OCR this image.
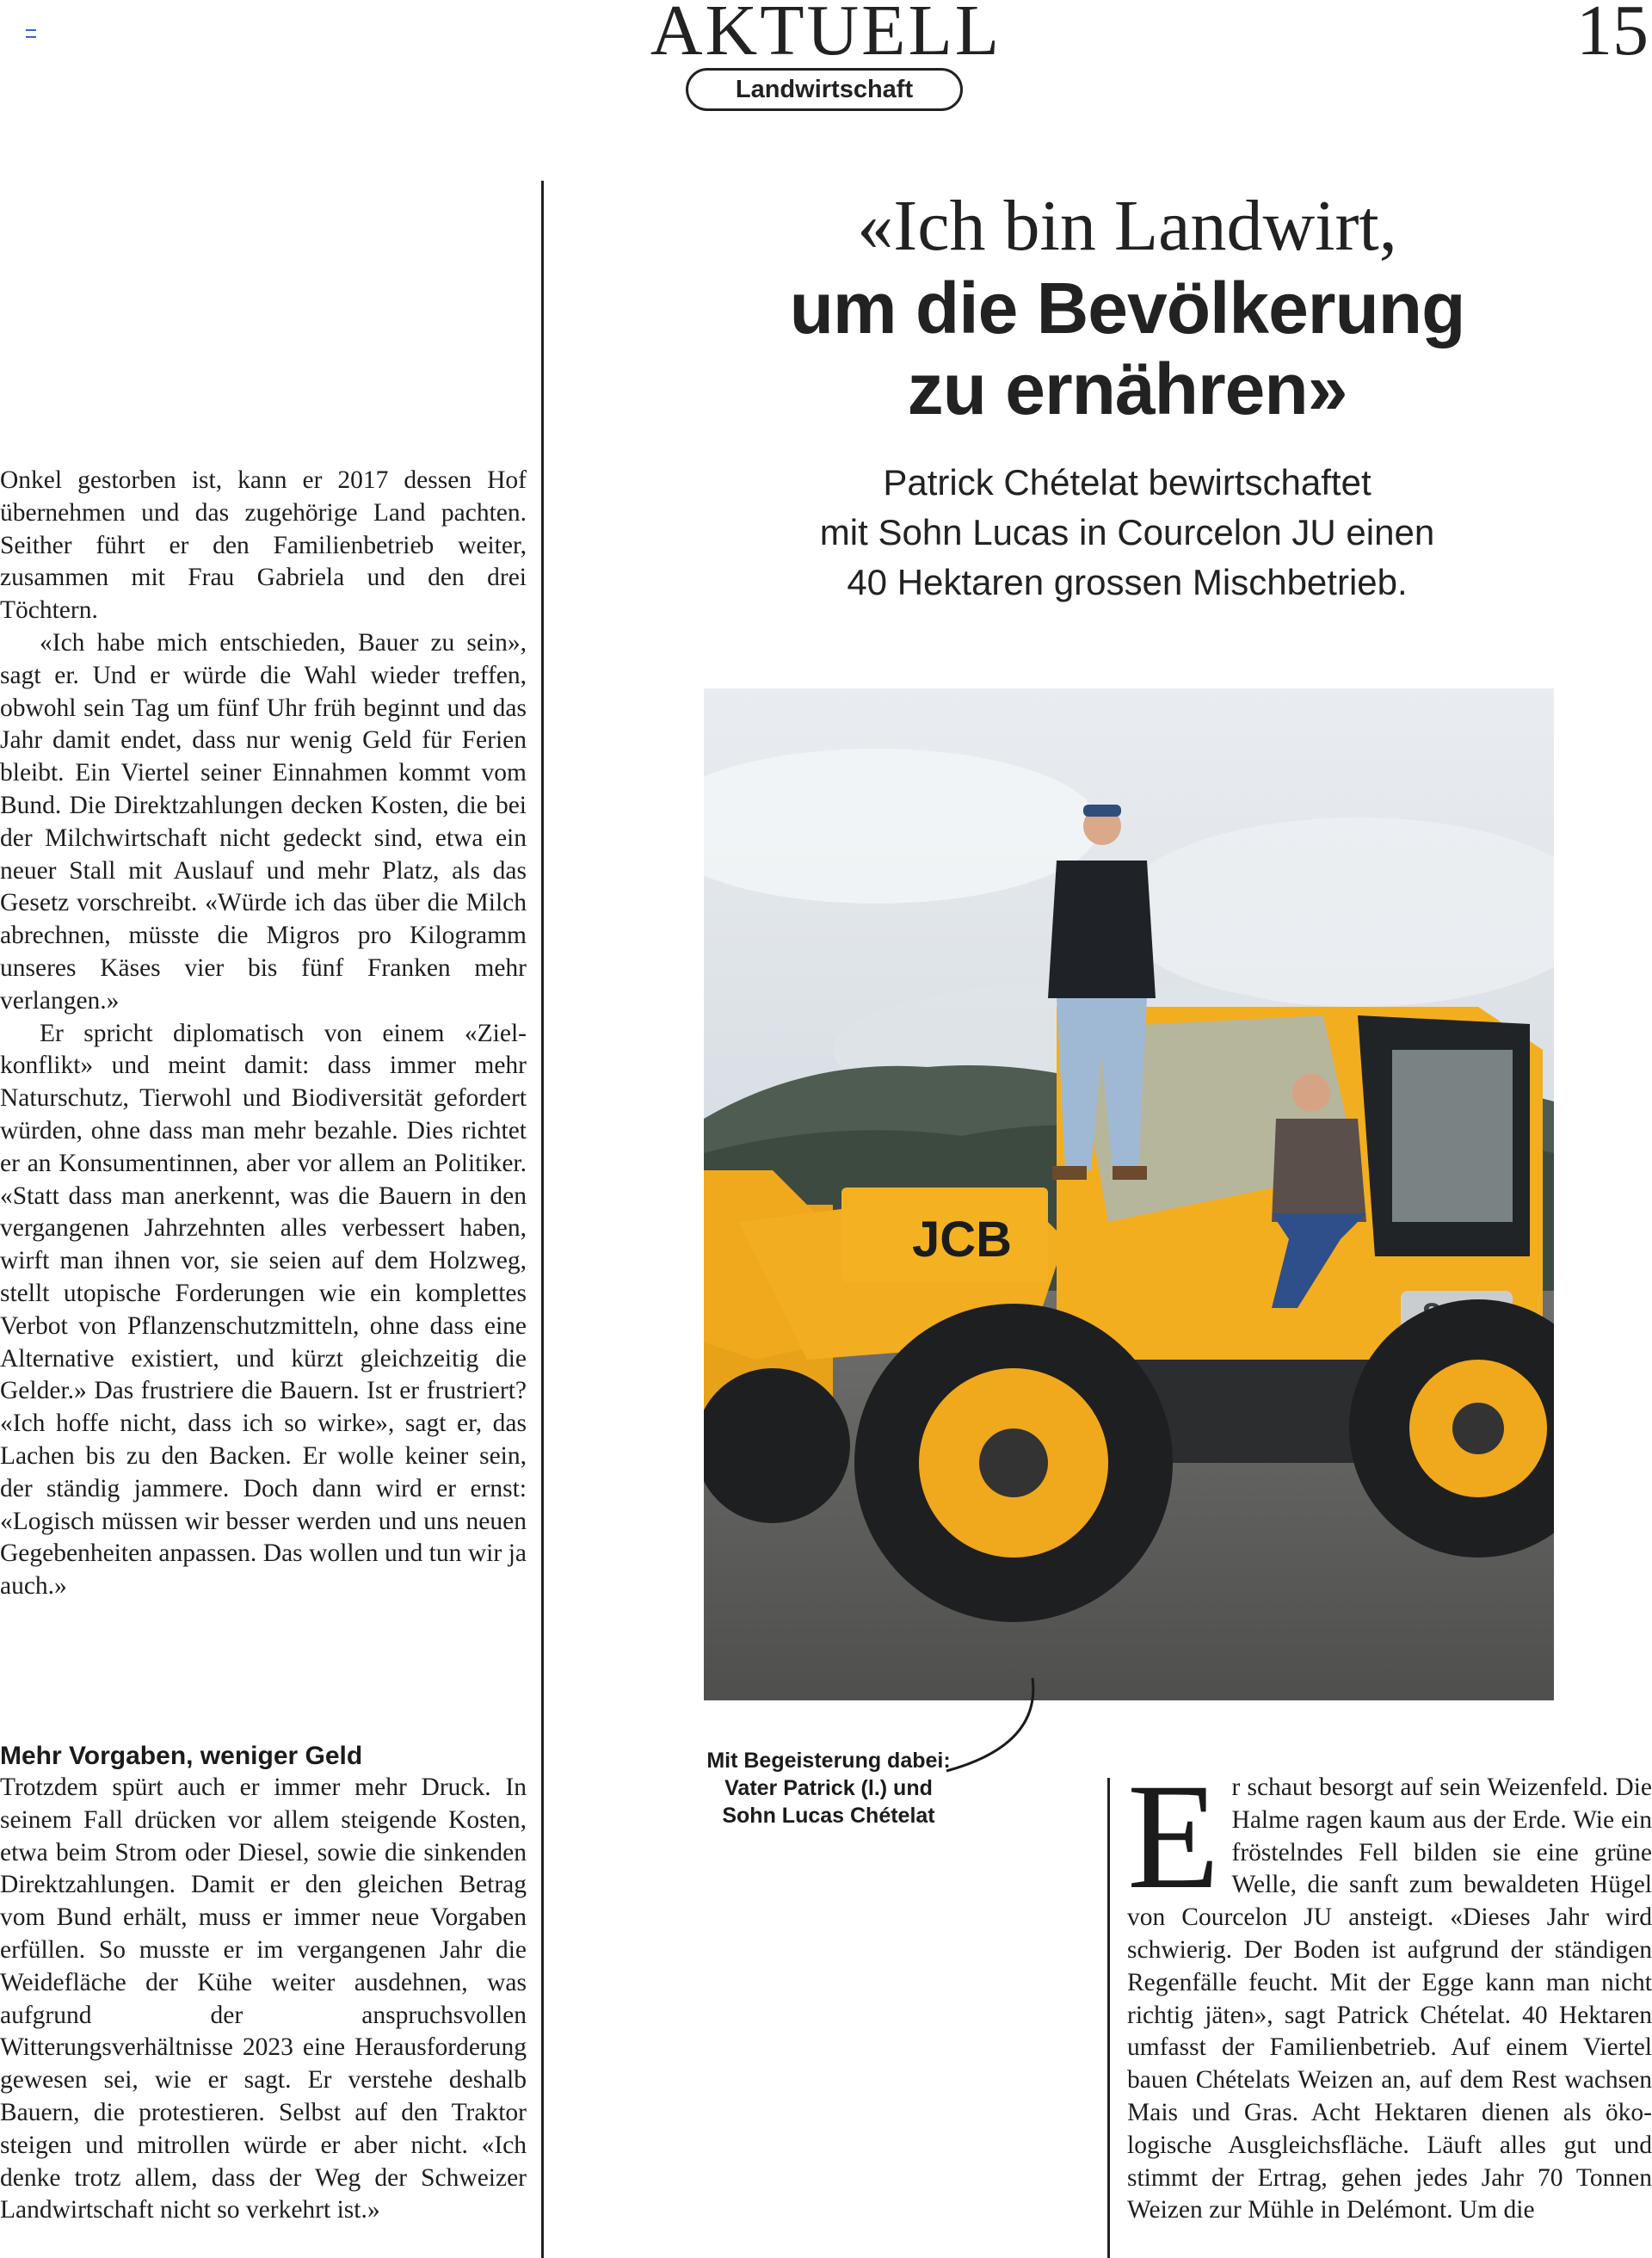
AKTUELL	15
Landwirtschaft

Onkel gestorben ist, kann er 2017 dessen Hof übernehmen und das zugehörige Land pachten. Seither führt er den Familienbetrieb weiter, zusammen mit Frau Gabriela und den drei Töchtern.

«Ich habe mich entschieden, Bauer zu sein», sagt er. Und er würde die Wahl wieder treffen, obwohl sein Tag um fünf Uhr früh beginnt und das Jahr damit endet, dass nur wenig Geld für Ferien bleibt. Ein Viertel seiner Einnahmen kommt vom Bund. Die Direktzahlungen decken Kosten, die bei der Milchwirtschaft nicht gedeckt sind, etwa ein neuer Stall mit Auslauf und mehr Platz, als das Gesetz vorschreibt. «Würde ich das über die Milch abrechnen, müsste die Migros pro Kilogramm unseres Käses vier bis fünf Franken mehr verlangen.»

Er spricht diplomatisch von einem «Zielkonflikt» und meint damit: dass immer mehr Naturschutz, Tierwohl und Biodiversität gefordert würden, ohne dass man mehr bezahle. Dies richtet er an Konsumentinnen, aber vor allem an Politiker. «Statt dass man anerkennt, was die Bauern in den vergangenen Jahrzehnten alles verbessert haben, wirft man ihnen vor, sie seien auf dem Holzweg, stellt utopische Forderungen wie ein komplettes Verbot von Pflanzenschutzmitteln, ohne dass eine Alternative existiert, und kürzt gleichzeitig die Gelder.» Das frustriere die Bauern. Ist er frustriert? «Ich hoffe nicht, dass ich so wirke», sagt er, das Lachen bis zu den Backen. Er wolle keiner sein, der ständig jammere. Doch dann wird er ernst: «Logisch müssen wir besser werden und uns neuen Gegebenheiten anpassen. Das wollen und tun wir ja auch.»

Mehr Vorgaben, weniger Geld
Trotzdem spürt auch er immer mehr Druck. In seinem Fall drücken vor allem steigende Kosten, etwa beim Strom oder Diesel, sowie die sinkenden Direktzahlungen. Damit er den gleichen Betrag vom Bund erhält, muss er immer neue Vorgaben erfüllen. So musste er im vergangenen Jahr die Weidefläche der Kühe weiter ausdehnen, was aufgrund der anspruchsvollen Witterungsverhältnisse 2023 eine Herausforderung gewesen sei, wie er sagt. Er verstehe deshalb Bauern, die protestieren. Selbst auf den Traktor steigen und mitrollen würde er aber nicht. «Ich denke trotz allem, dass der Weg der Schweizer Landwirtschaft nicht so verkehrt ist.»
«Ich bin Landwirt,
um die Bevölkerung
zu ernähren»
Patrick Chételat bewirtschaftet
mit Sohn Lucas in Courcelon JU einen
40 Hektaren grossen Mischbetrieb.
JCB
Mit Begeisterung dabei: Vater Patrick (l.) und Sohn Lucas Chételat E r schaut besorgt auf sein Weizenfeld. Die Halme ragen kaum aus der Erde. Wie ein fröstelndes Fell bilden sie eine grüne Welle, die sanft zum bewaldeten Hügel von Courcelon JU ansteigt. «Dieses Jahr wird schwierig. Der Boden ist aufgrund der ständigen Regenfälle feucht. Mit der Egge kann man nicht richtig jäten», sagt Patrick Chételat. 40 Hektaren umfasst der Familienbetrieb. Auf einem Viertel bauen Chételats Weizen an, auf dem Rest wachsen Mais und Gras. Acht Hektaren dienen als ökologische Ausgleichsfläche. Läuft alles gut und stimmt der Ertrag, gehen jedes Jahr 70 Tonnen Weizen zur Mühle in Delémont. Um die
